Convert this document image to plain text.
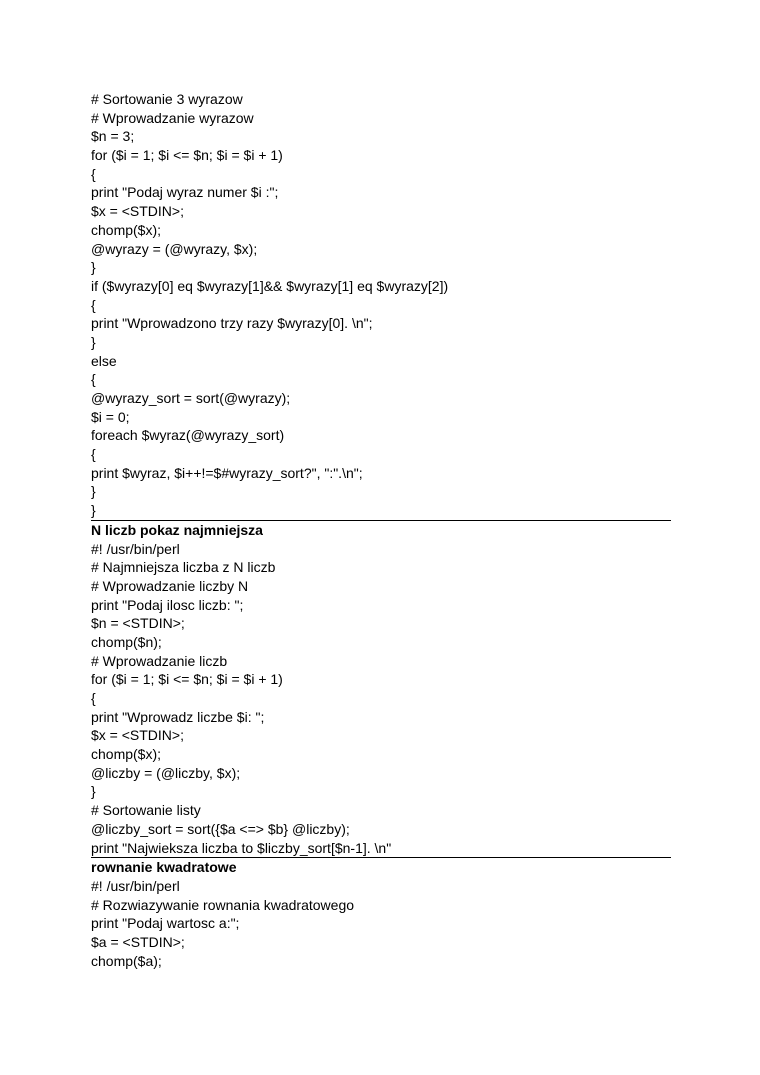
# Sortowanie 3 wyrazow
# Wprowadzanie wyrazow
$n = 3;
for ($i = 1; $i <= $n; $i = $i + 1)
{
print "Podaj wyraz numer $i :";
$x = <STDIN>;
chomp($x);
@wyrazy = (@wyrazy, $x);
}
if ($wyrazy[0] eq $wyrazy[1]&& $wyrazy[1] eq $wyrazy[2])
{
print "Wprowadzono trzy razy $wyrazy[0]. \n";
}
else
{
@wyrazy_sort = sort(@wyrazy);
$i = 0;
foreach $wyraz(@wyrazy_sort)
{
print $wyraz, $i++!=$#wyrazy_sort?", ":".\n";
}
}
N liczb pokaz najmniejsza
#! /usr/bin/perl
# Najmniejsza liczba z N liczb
# Wprowadzanie liczby N
print "Podaj ilosc liczb: ";
$n = <STDIN>;
chomp($n);
# Wprowadzanie liczb
for ($i = 1; $i <= $n; $i = $i + 1)
{
print "Wprowadz liczbe $i: ";
$x = <STDIN>;
chomp($x);
@liczby = (@liczby, $x);
}
# Sortowanie listy
@liczby_sort = sort({$a <=> $b} @liczby);
print "Najwieksza liczba to $liczby_sort[$n-1]. \n"
rownanie kwadratowe
#! /usr/bin/perl
# Rozwiazywanie rownania kwadratowego
print "Podaj wartosc a:";
$a = <STDIN>;
chomp($a);
